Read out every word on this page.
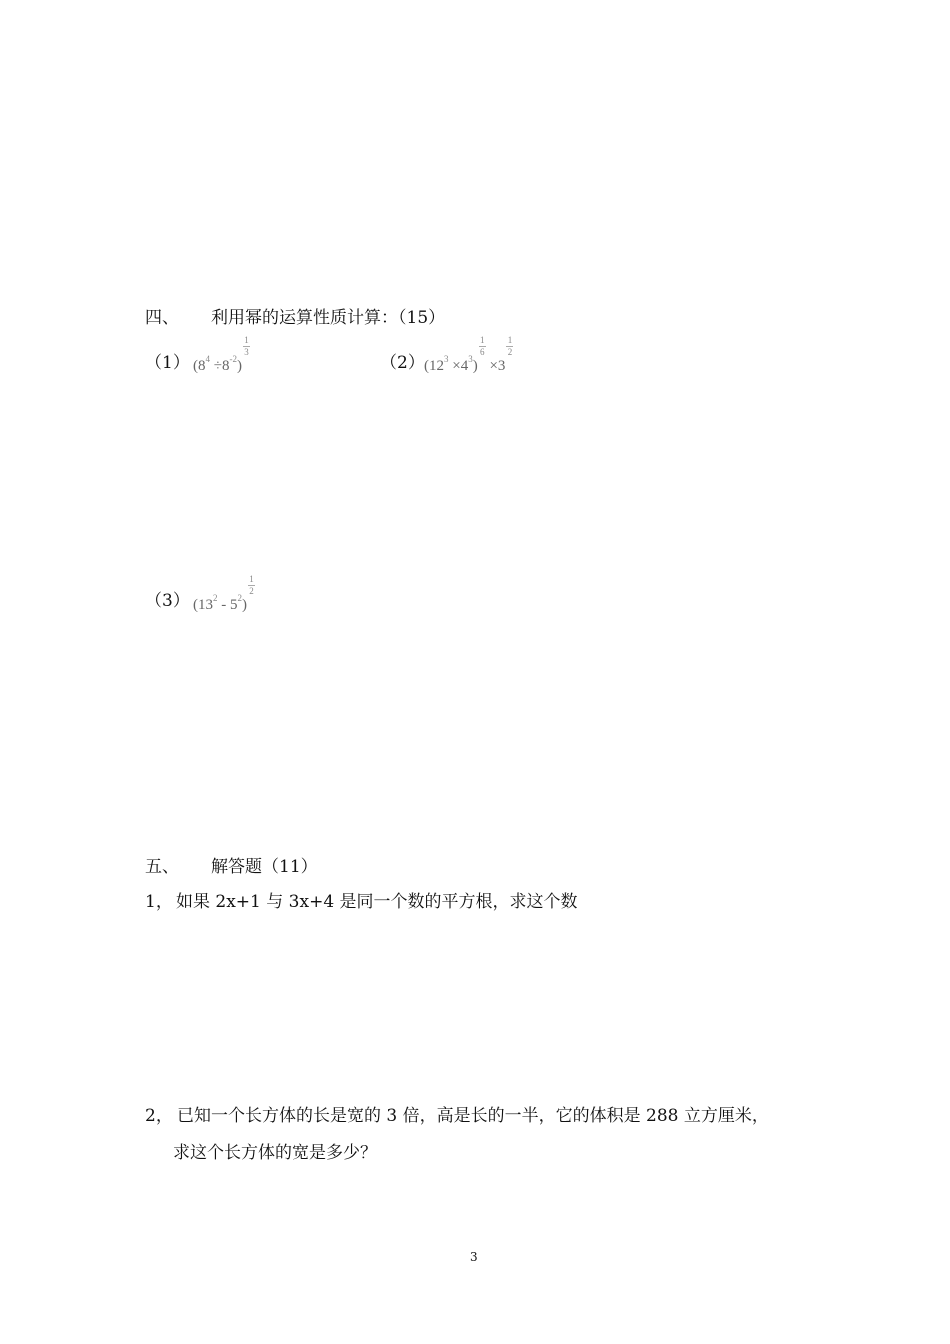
四、 利用幂的运算性质计算：（15）
（1） $(8^4 \div 8^{-2})\frac{1}{3}$
（2） $(12^3 \times 4^3)\frac{1}{6} \times 3\frac{1}{2}$
（3） $(13^2 - 5^2)\frac{1}{2}$
五、 解答题（11）
1， 如果 2x+1 与 3x+4 是同一个数的平方根，求这个数
2， 已知一个长方体的长是宽的 3 倍，高是长的一半，它的体积是 288 立方厘米，
求这个长方体的宽是多少？
3
